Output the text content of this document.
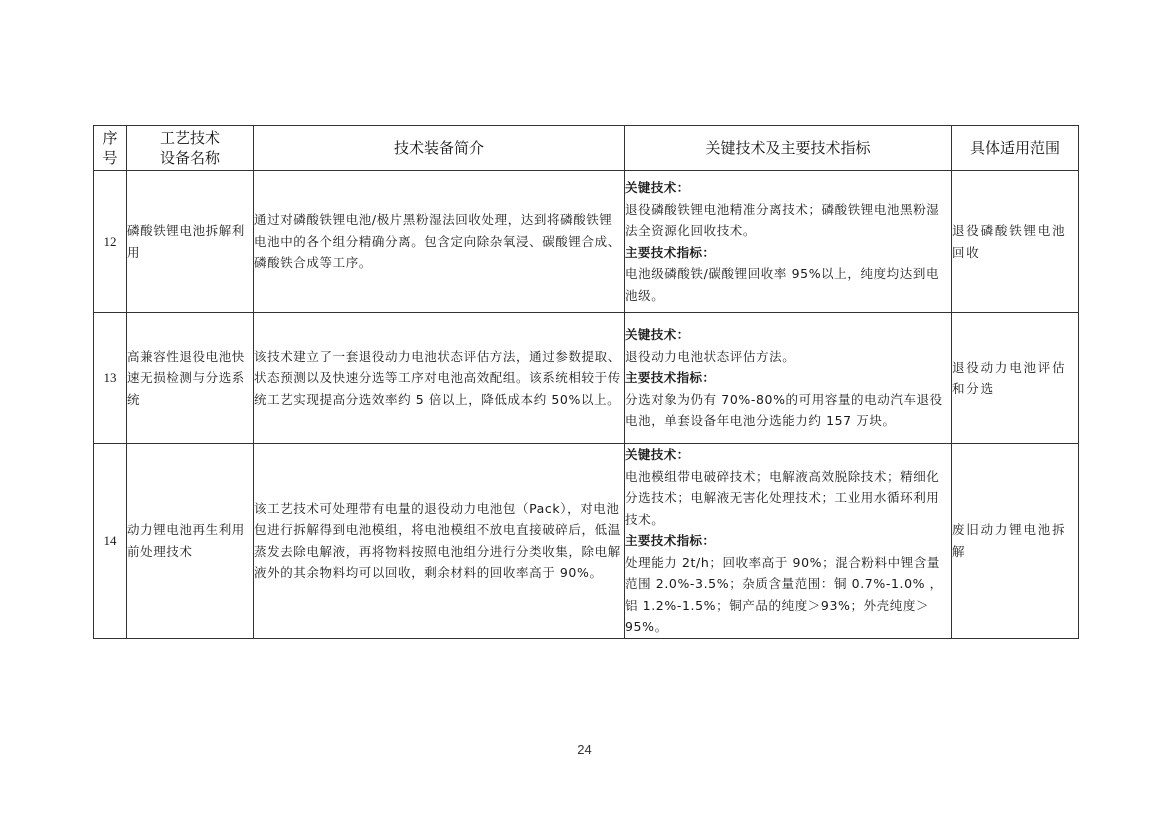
序
号	工艺技术
设备名称	技术装备简介	关键技术及主要技术指标	具体适用范围
12	磷酸铁锂电池拆解利用	通过对磷酸铁锂电池/极片黑粉湿法回收处理，达到将磷酸铁锂电池中的各个组分精确分离。包含定向除杂氧浸、碳酸锂合成、磷酸铁合成等工序。	关键技术：
退役磷酸铁锂电池精准分离技术；磷酸铁锂电池黑粉湿法全资源化回收技术。
主要技术指标：
电池级磷酸铁/碳酸锂回收率 95%以上，纯度均达到电池级。	退役磷酸铁锂电池回收
13	高兼容性退役电池快速无损检测与分选系统	该技术建立了一套退役动力电池状态评估方法，通过参数提取、状态预测以及快速分选等工序对电池高效配组。该系统相较于传统工艺实现提高分选效率约 5 倍以上，降低成本约 50%以上。	关键技术：
退役动力电池状态评估方法。
主要技术指标：
分选对象为仍有 70%-80%的可用容量的电动汽车退役电池，单套设备年电池分选能力约 157 万块。	退役动力电池评估和分选
14	动力锂电池再生利用前处理技术	该工艺技术可处理带有电量的退役动力电池包（Pack），对电池包进行拆解得到电池模组，将电池模组不放电直接破碎后，低温蒸发去除电解液，再将物料按照电池组分进行分类收集，除电解液外的其余物料均可以回收，剩余材料的回收率高于 90%。	关键技术：
电池模组带电破碎技术；电解液高效脱除技术；精细化分选技术；电解液无害化处理技术；工业用水循环利用技术。
主要技术指标：
处理能力 2t/h；回收率高于 90%；混合粉料中锂含量范围 2.0%-3.5%；杂质含量范围：铜 0.7%-1.0% ，铝 1.2%-1.5%；铜产品的纯度＞93%；外壳纯度＞95%。	废旧动力锂电池拆解
24
